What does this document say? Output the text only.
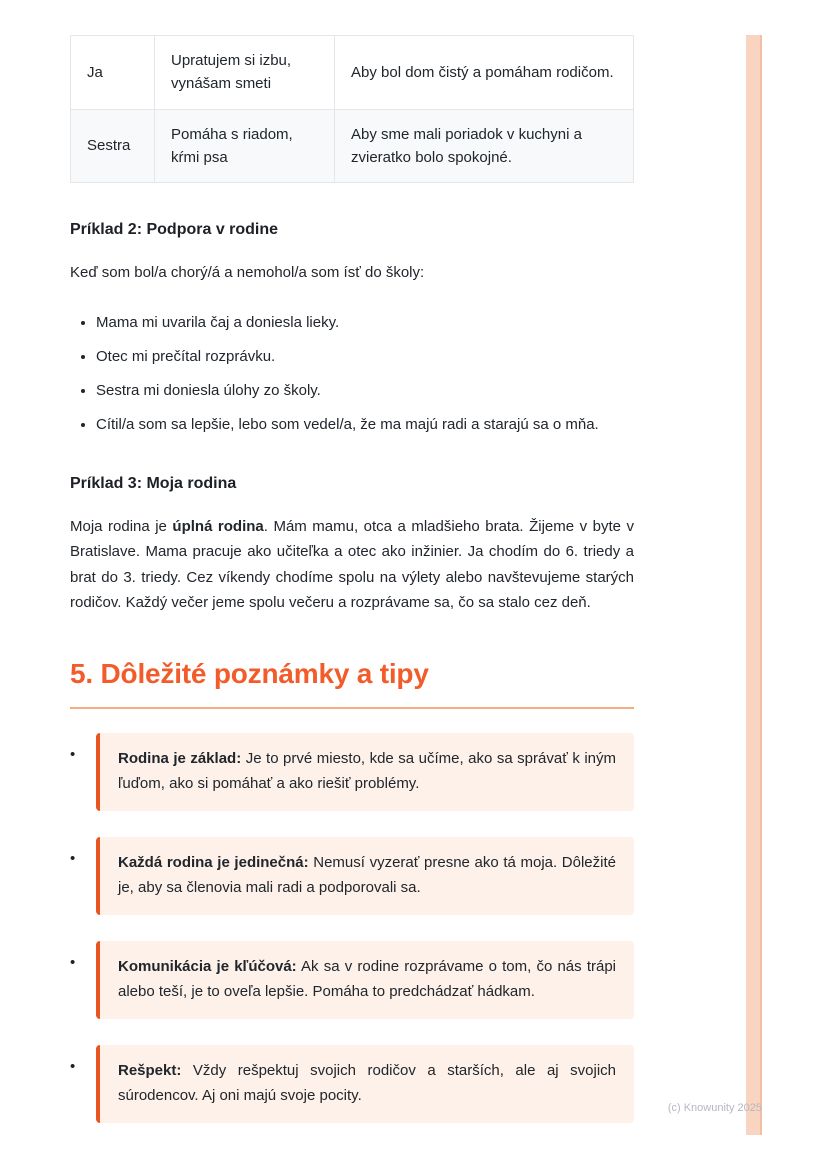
Ja	Upratujem si izbu, vynášam smeti	Aby bol dom čistý a pomáham rodičom.
Sestra	Pomáha s riadom, kŕmi psa	Aby sme mali poriadok v kuchyni a zvieratko bolo spokojné.
Príklad 2: Podpora v rodine

Keď som bol/a chorý/á a nemohol/a som ísť do školy:

• Mama mi uvarila čaj a doniesla lieky.
• Otec mi prečítal rozprávku.
• Sestra mi doniesla úlohy zo školy.
• Cítil/a som sa lepšie, lebo som vedel/a, že ma majú radi a starajú sa o mňa.
Príklad 3: Moja rodina

Moja rodina je úplná rodina. Mám mamu, otca a mladšieho brata. Žijeme v byte v Bratislave. Mama pracuje ako učiteľka a otec ako inžinier. Ja chodím do 6. triedy a brat do 3. triedy. Cez víkendy chodíme spolu na výlety alebo navštevujeme starých rodičov. Každý večer jeme spolu večeru a rozprávame sa, čo sa stalo cez deň.

5. Dôležité poznámky a tipy
•	Rodina je základ: Je to prvé miesto, kde sa učíme, ako sa správať k iným ľuďom, ako si pomáhať a ako riešiť problémy.
•	Každá rodina je jedinečná: Nemusí vyzerať presne ako tá moja. Dôležité je, aby sa členovia mali radi a podporovali sa.
•	Komunikácia je kľúčová: Ak sa v rodine rozprávame o tom, čo nás trápi alebo teší, je to oveľa lepšie. Pomáha to predchádzať hádkam.
•	Rešpekt: Vždy rešpektuj svojich rodičov a starších, ale aj svojich súrodencov. Aj oni majú svoje pocity.
(c) Knowunity 2025
